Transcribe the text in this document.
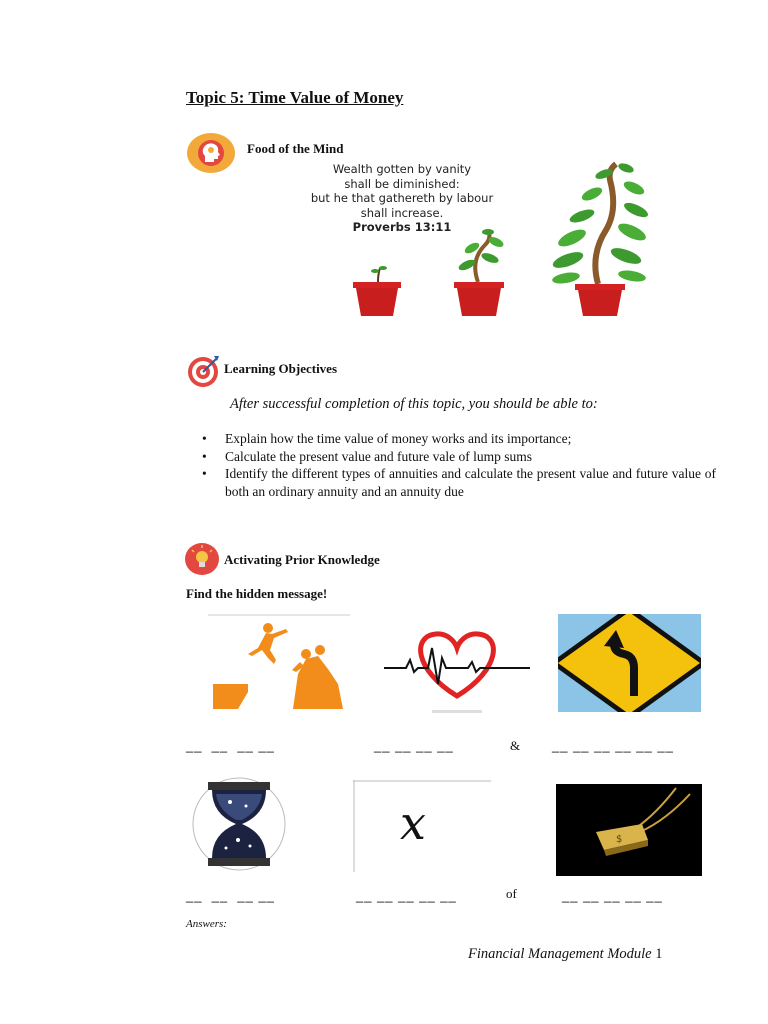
Topic 5: Time Value of Money
Food of the Mind
Wealth gotten by vanity
shall be diminished:
but he that gathereth by labour
shall increase.
Proverbs 13:11
Learning Objectives
After successful completion of this topic, you should be able to:
• Explain how the time value of money works and its importance;
• Calculate the present value and future vale of lump sums
• Identify the different types of annuities and calculate the present value and future value of both an ordinary annuity and an annuity due
Activating Prior Knowledge
Find the hidden message!
__  __  __ __	__ __ __ __	& __ __ __ __ __ __
x	$
__  __  __ __	__ __ __ __ __	of	__ __ __ __ __
Answers:
Financial Management Module 1
